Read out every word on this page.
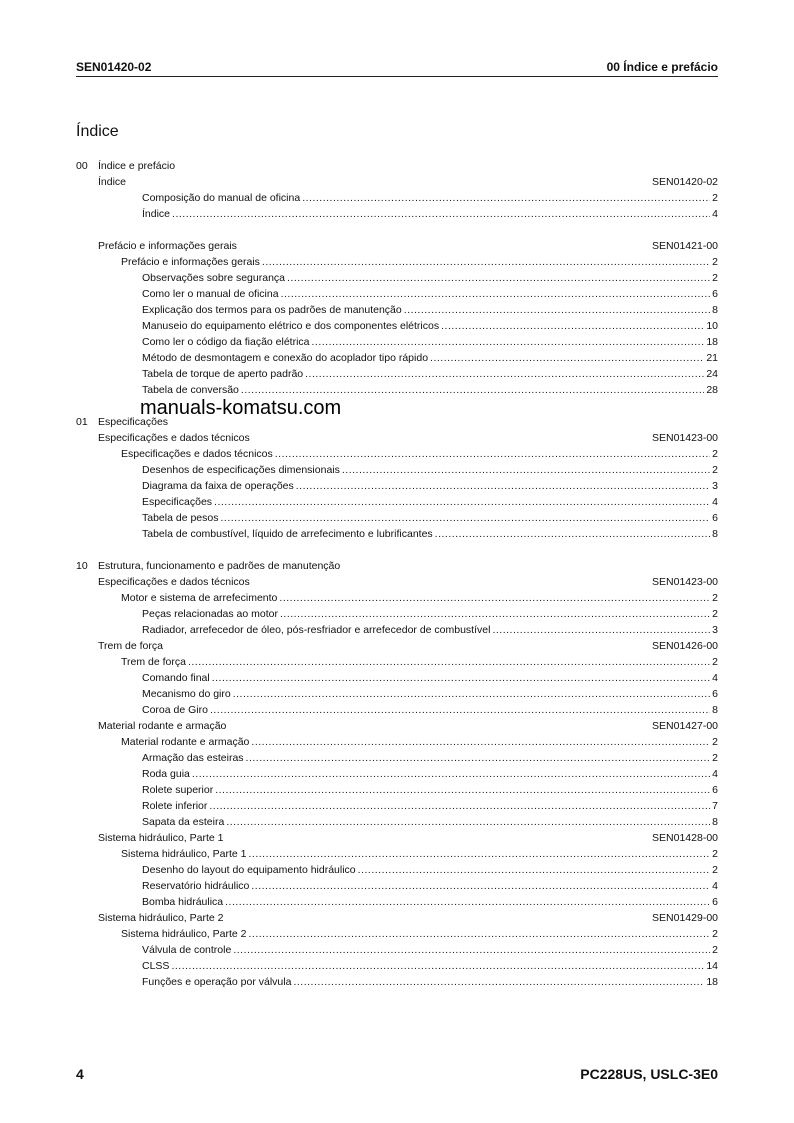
SEN01420-02	00 Índice e prefácio
Índice
00 Índice e prefácio
Índice	SEN01420-02
Composição do manual de oficina .....	2
Índice .....	4
Prefácio e informações gerais	SEN01421-00
Prefácio e informações gerais .....	2
Observações sobre segurança .....	2
Como ler o manual de oficina .....	6
Explicação dos termos para os padrões de manutenção .....	8
Manuseio do equipamento elétrico e dos componentes elétricos .....	10
Como ler o código da fiação elétrica .....	18
Método de desmontagem e conexão do acoplador tipo rápido .....	21
Tabela de torque de aperto padrão .....	24
Tabela de conversão .....	28
01 Especificações
Especificações e dados técnicos	SEN01423-00
Especificações e dados técnicos .....	2
Desenhos de especificações dimensionais .....	2
Diagrama da faixa de operações .....	3
Especificações .....	4
Tabela de pesos .....	6
Tabela de combustível, líquido de arrefecimento e lubrificantes .....	8
10 Estrutura, funcionamento e padrões de manutenção
Especificações e dados técnicos	SEN01423-00
Motor e sistema de arrefecimento .....	2
Peças relacionadas ao motor .....	2
Radiador, arrefecedor de óleo, pós-resfriador e arrefecedor de combustível .....	3
Trem de força	SEN01426-00
Trem de força .....	2
Comando final .....	4
Mecanismo do giro .....	6
Coroa de Giro .....	8
Material rodante e armação	SEN01427-00
Material rodante e armação .....	2
Armação das esteiras .....	2
Roda guia .....	4
Rolete superior .....	6
Rolete inferior .....	7
Sapata da esteira .....	8
Sistema hidráulico, Parte 1	SEN01428-00
Sistema hidráulico, Parte 1 .....	2
Desenho do layout do equipamento hidráulico .....	2
Reservatório hidráulico .....	4
Bomba hidráulica .....	6
Sistema hidráulico, Parte 2	SEN01429-00
Sistema hidráulico, Parte 2 .....	2
Válvula de controle .....	2
CLSS .....	14
Funções e operação por válvula .....	18
manuals-komatsu.com
4	PC228US, USLC-3E0
